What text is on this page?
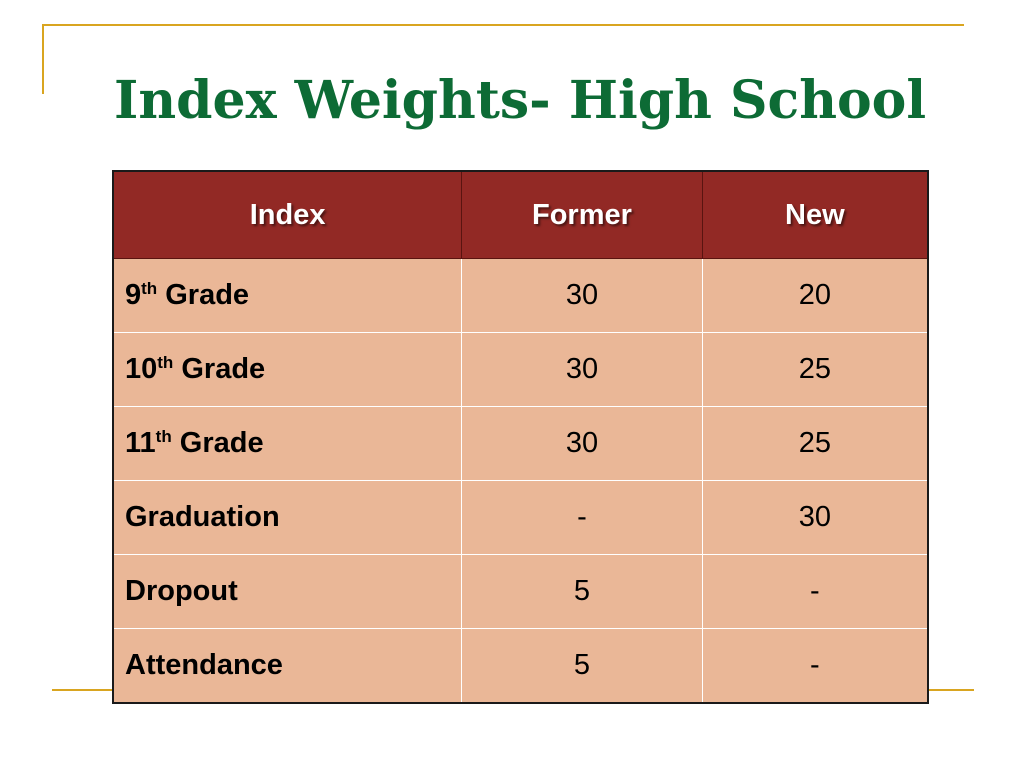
Index Weights- High School
Index	Former	New
9th Grade	30	20
10th Grade	30	25
11th Grade	30	25
Graduation	-	30
Dropout	5	-
Attendance	5	-
